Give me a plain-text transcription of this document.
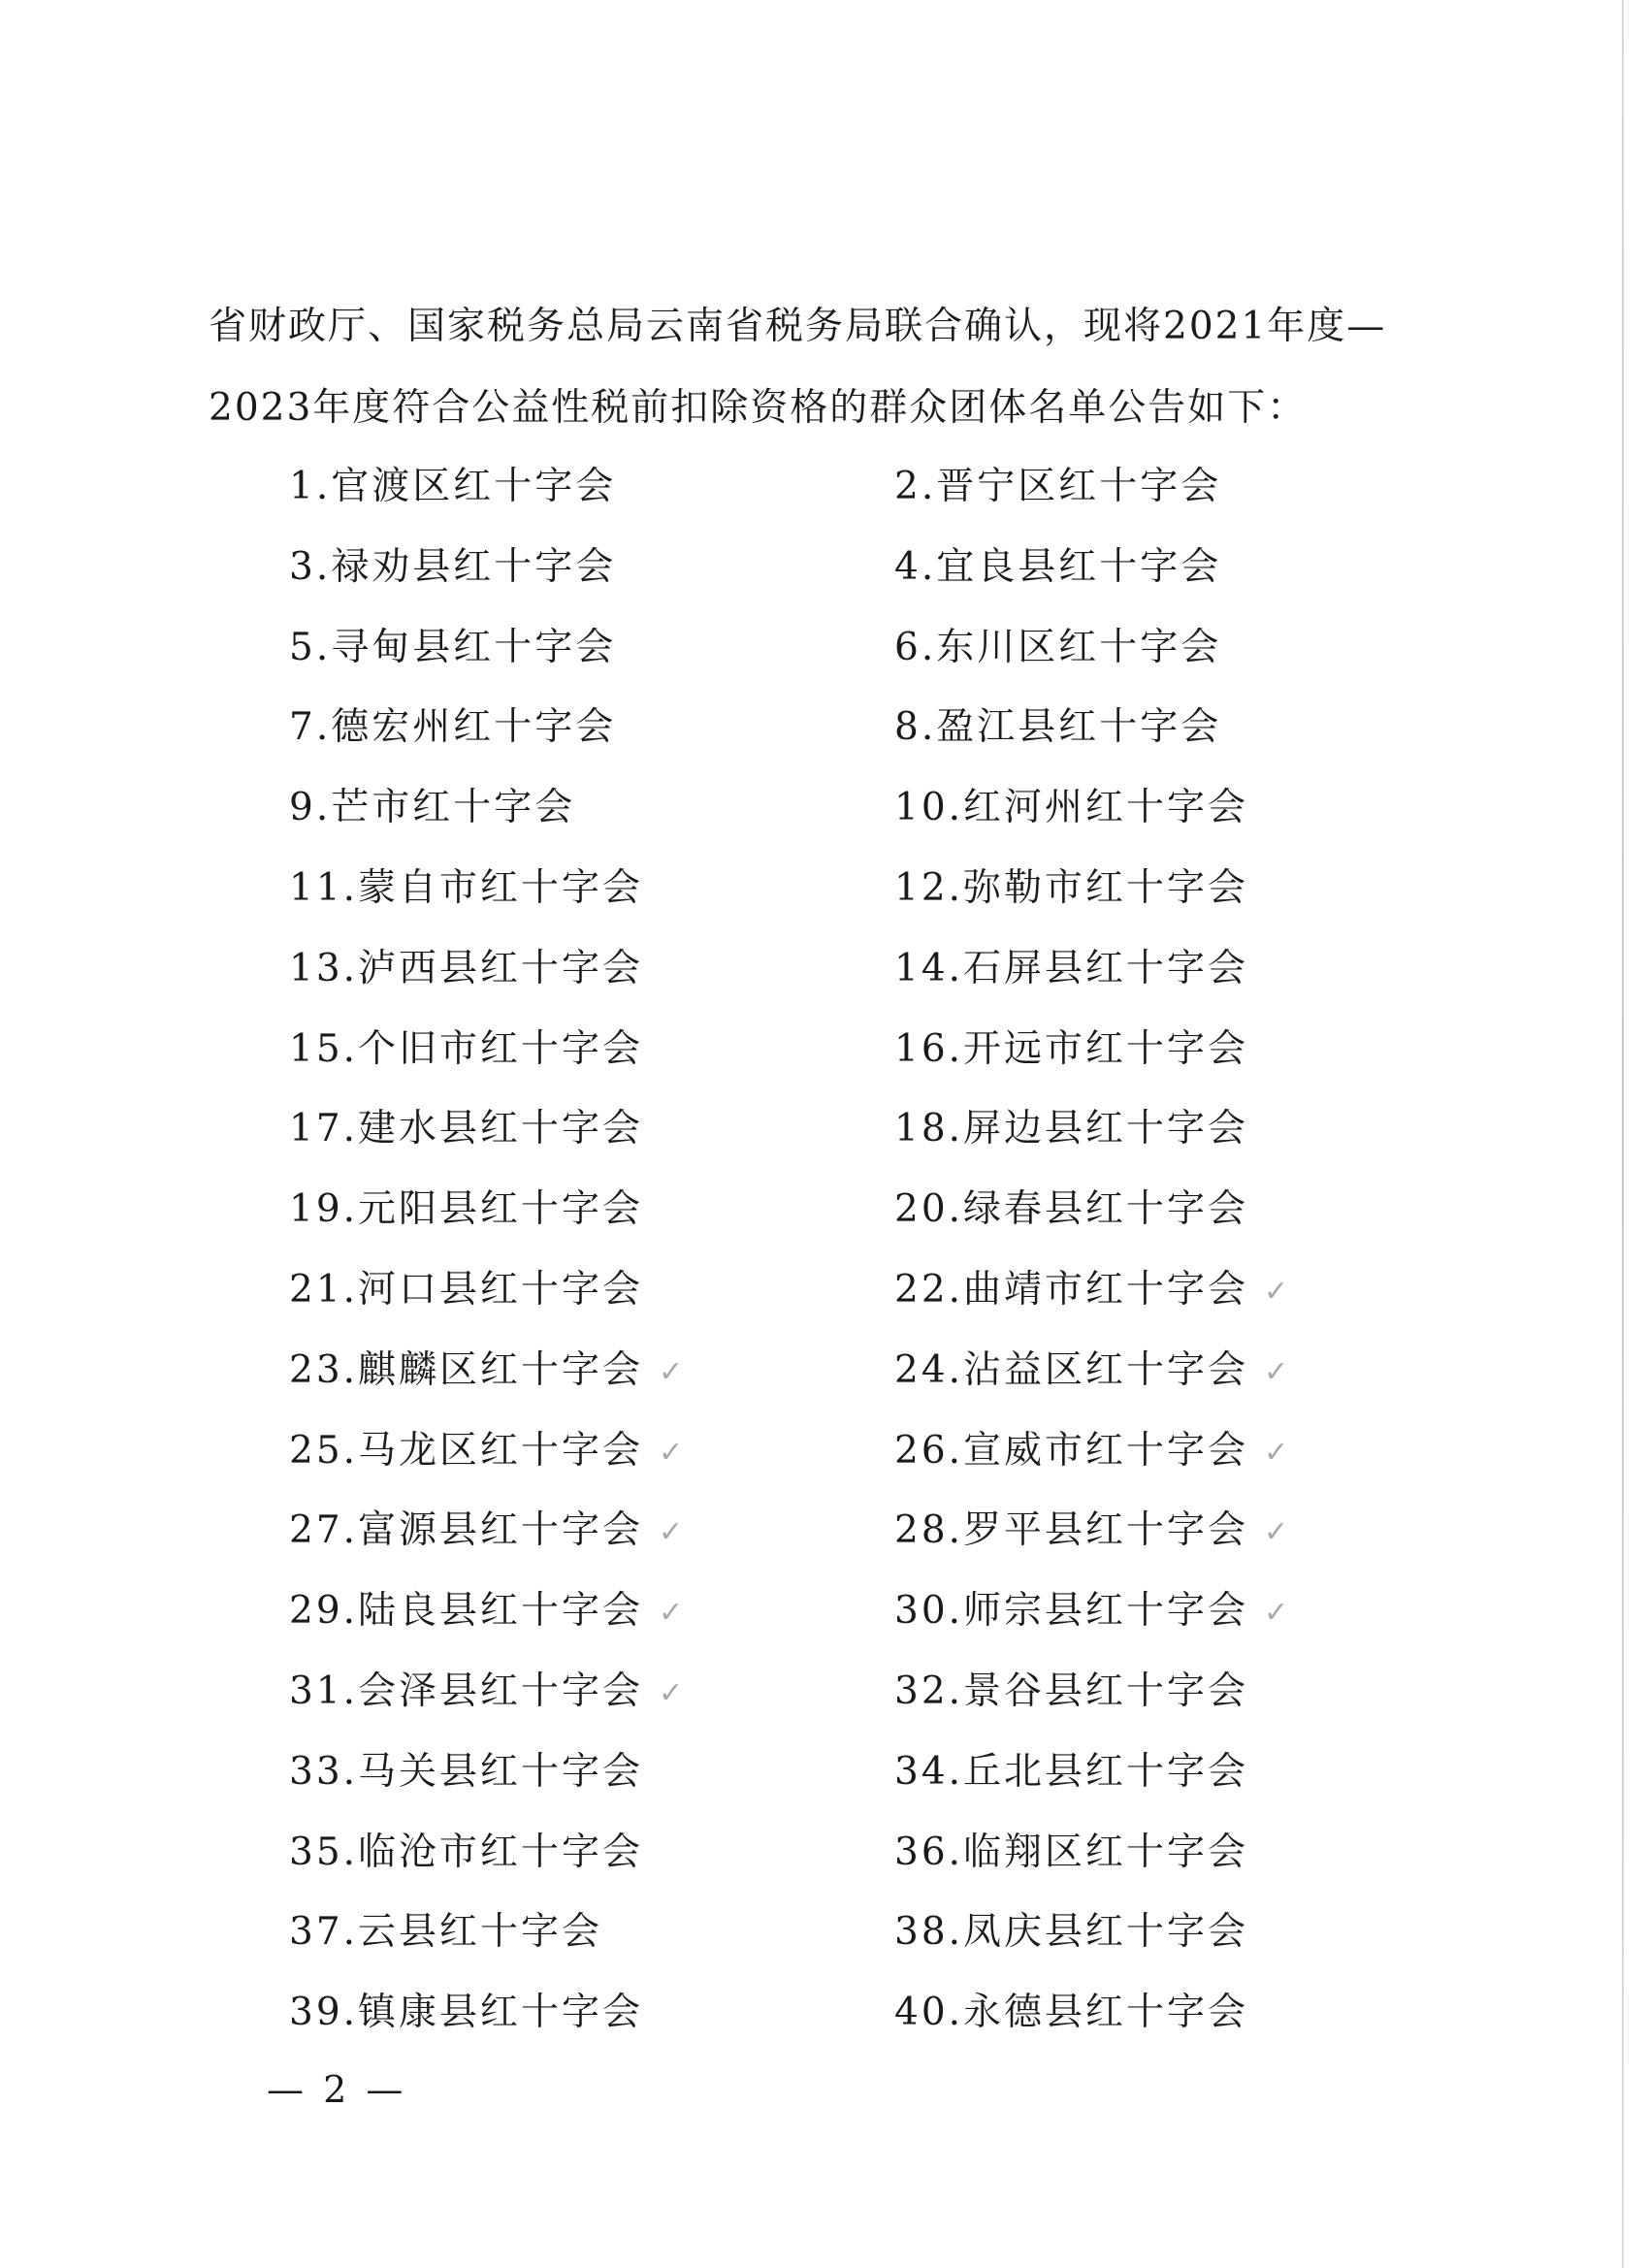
省财政厅、国家税务总局云南省税务局联合确认，现将2021年度—

2023年度符合公益性税前扣除资格的群众团体名单公告如下：

1.官渡区红十字会	2.晋宁区红十字会
3.禄劝县红十字会	4.宜良县红十字会
5.寻甸县红十字会	6.东川区红十字会
7.德宏州红十字会	8.盈江县红十字会
9.芒市红十字会	10.红河州红十字会
11.蒙自市红十字会	12.弥勒市红十字会
13.泸西县红十字会	14.石屏县红十字会
15.个旧市红十字会	16.开远市红十字会
17.建水县红十字会	18.屏边县红十字会
19.元阳县红十字会	20.绿春县红十字会
21.河口县红十字会	22.曲靖市红十字会 ✓
23.麒麟区红十字会 ✓	24.沾益区红十字会 ✓
25.马龙区红十字会 ✓	26.宣威市红十字会 ✓
27.富源县红十字会 ✓	28.罗平县红十字会 ✓
29.陆良县红十字会 ✓	30.师宗县红十字会 ✓
31.会泽县红十字会 ✓	32.景谷县红十字会
33.马关县红十字会	34.丘北县红十字会
35.临沧市红十字会	36.临翔区红十字会
37.云县红十字会	38.凤庆县红十字会
39.镇康县红十字会	40.永德县红十字会
— 2 —
